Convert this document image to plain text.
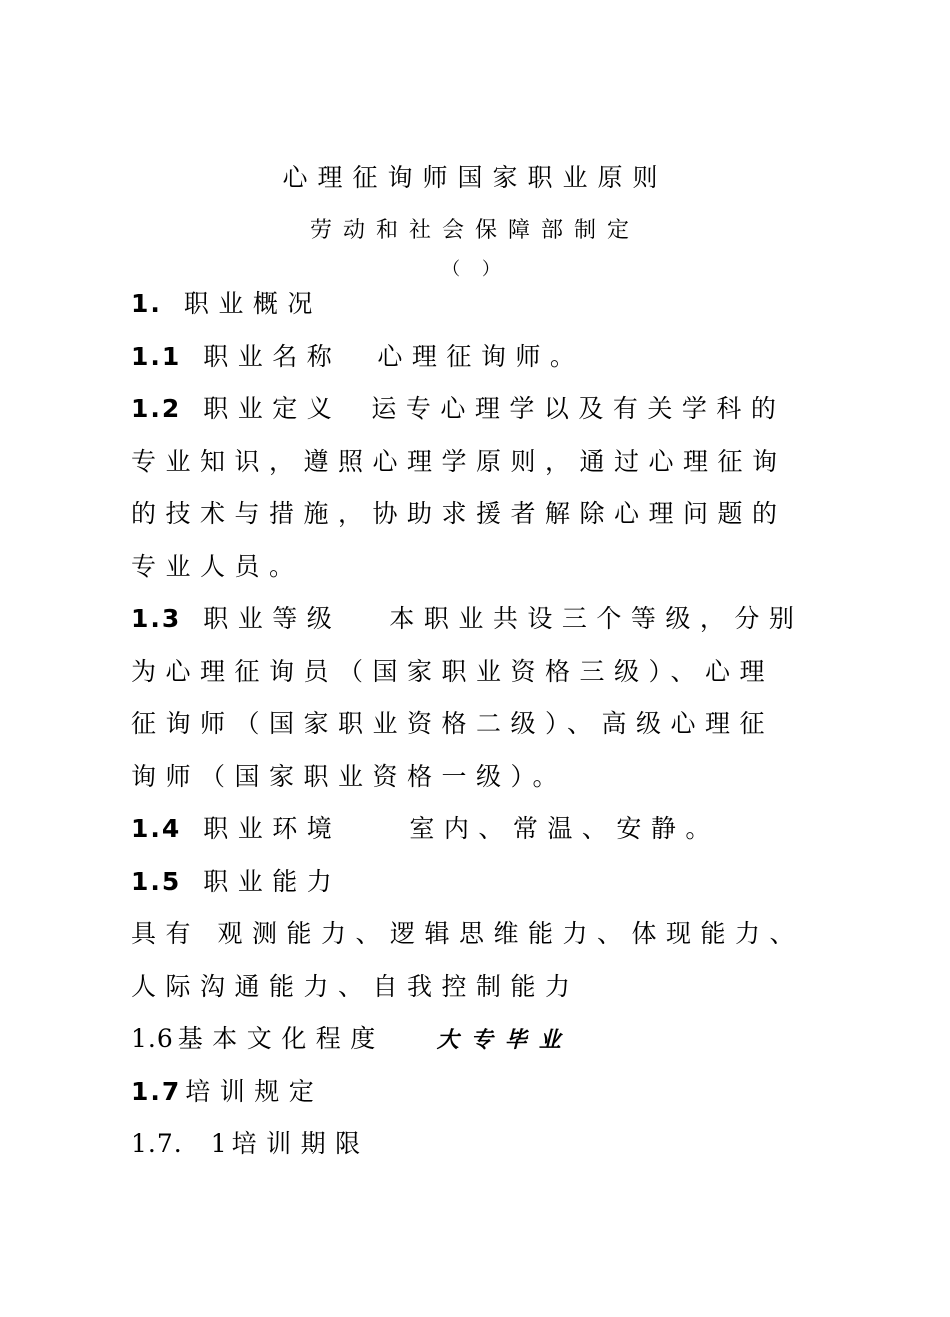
心理征询师国家职业原则
劳动和社会保障部制定
（ ）
1. 职业概况
1.1 职业名称 心理征询师。
1.2 职业定义 运专心理学以及有关学科的
专业知识，遵照心理学原则，通过心理征询
的技术与措施，协助求援者解除心理问题的
专业人员。
1.3 职业等级 本职业共设三个等级，分别
为心理征询员（国家职业资格三级）、心理
征询师（国家职业资格二级）、高级心理征
询师（国家职业资格一级）。
1.4 职业环境	室内、常温、安静。
1.5 职业能力
具有 观测能力、逻辑思维能力、体现能力、
人际沟通能力、自我控制能力
1.6 基本文化程度 大专毕业
1.7 培训规定
1.7. 1 培训期限
